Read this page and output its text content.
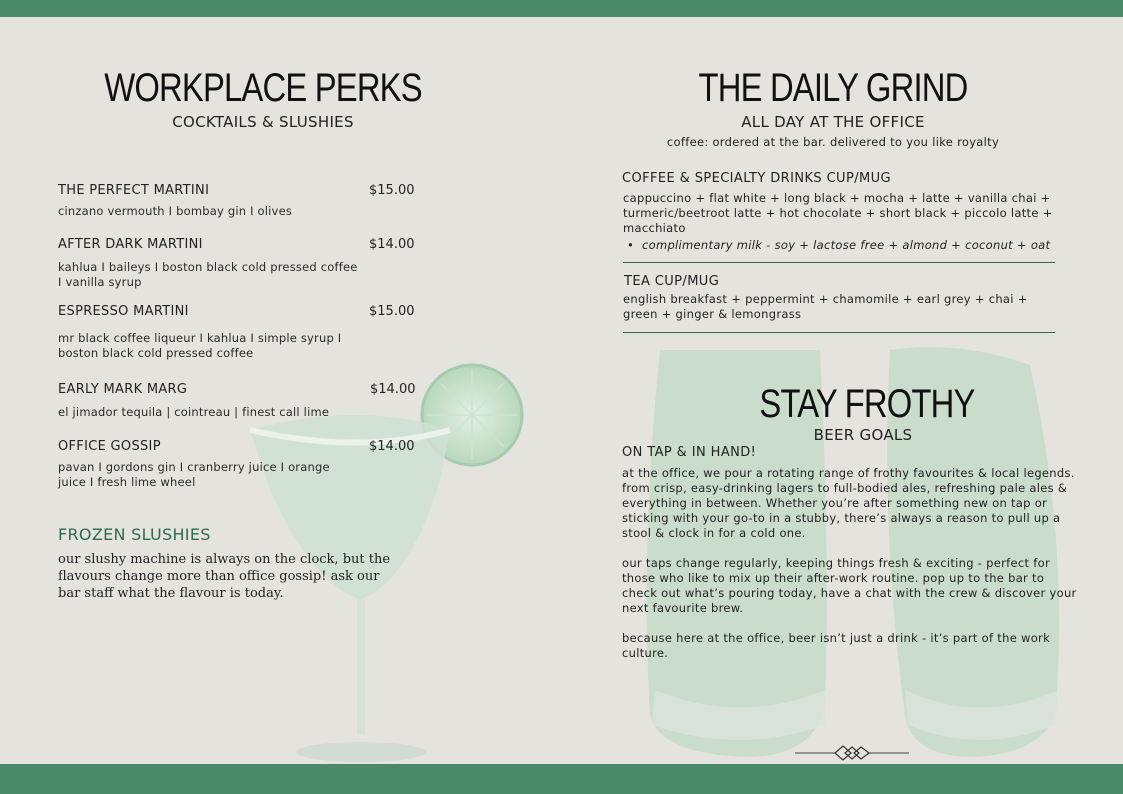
WORKPLACE PERKS
COCKTAILS & SLUSHIES
THE PERFECT MARTINI	$15.00
cinzano vermouth I bombay gin I olives
AFTER DARK MARTINI	$14.00
kahlua I baileys I boston black cold pressed coffee I vanilla syrup
ESPRESSO MARTINI	$15.00
mr black coffee liqueur I kahlua I simple syrup I boston black cold pressed coffee
EARLY MARK MARG	$14.00
el jimador tequila | cointreau | finest call lime
OFFICE GOSSIP	$14.00
pavan I gordons gin I cranberry juice I orange juice I fresh lime wheel
FROZEN SLUSHIES
our slushy machine is always on the clock, but the flavours change more than office gossip! ask our bar staff what the flavour is today.
THE DAILY GRIND
ALL DAY AT THE OFFICE
coffee: ordered at the bar. delivered to you like royalty
COFFEE & SPECIALTY DRINKS CUP/MUG
cappuccino + flat white + long black + mocha + latte + vanilla chai + turmeric/beetroot latte + hot chocolate + short black + piccolo latte + macchiato
•  complimentary milk - soy + lactose free + almond + coconut + oat
TEA CUP/MUG
english breakfast + peppermint + chamomile + earl grey + chai + green + ginger & lemongrass
STAY FROTHY
BEER GOALS
ON TAP & IN HAND!
at the office, we pour a rotating range of frothy favourites & local legends. from crisp, easy-drinking lagers to full-bodied ales, refreshing pale ales & everything in between. Whether you’re after something new on tap or sticking with your go-to in a stubby, there’s always a reason to pull up a stool & clock in for a cold one.
our taps change regularly, keeping things fresh & exciting - perfect for those who like to mix up their after-work routine. pop up to the bar to check out what’s pouring today, have a chat with the crew & discover your next favourite brew.
because here at the office, beer isn’t just a drink - it’s part of the work culture.
